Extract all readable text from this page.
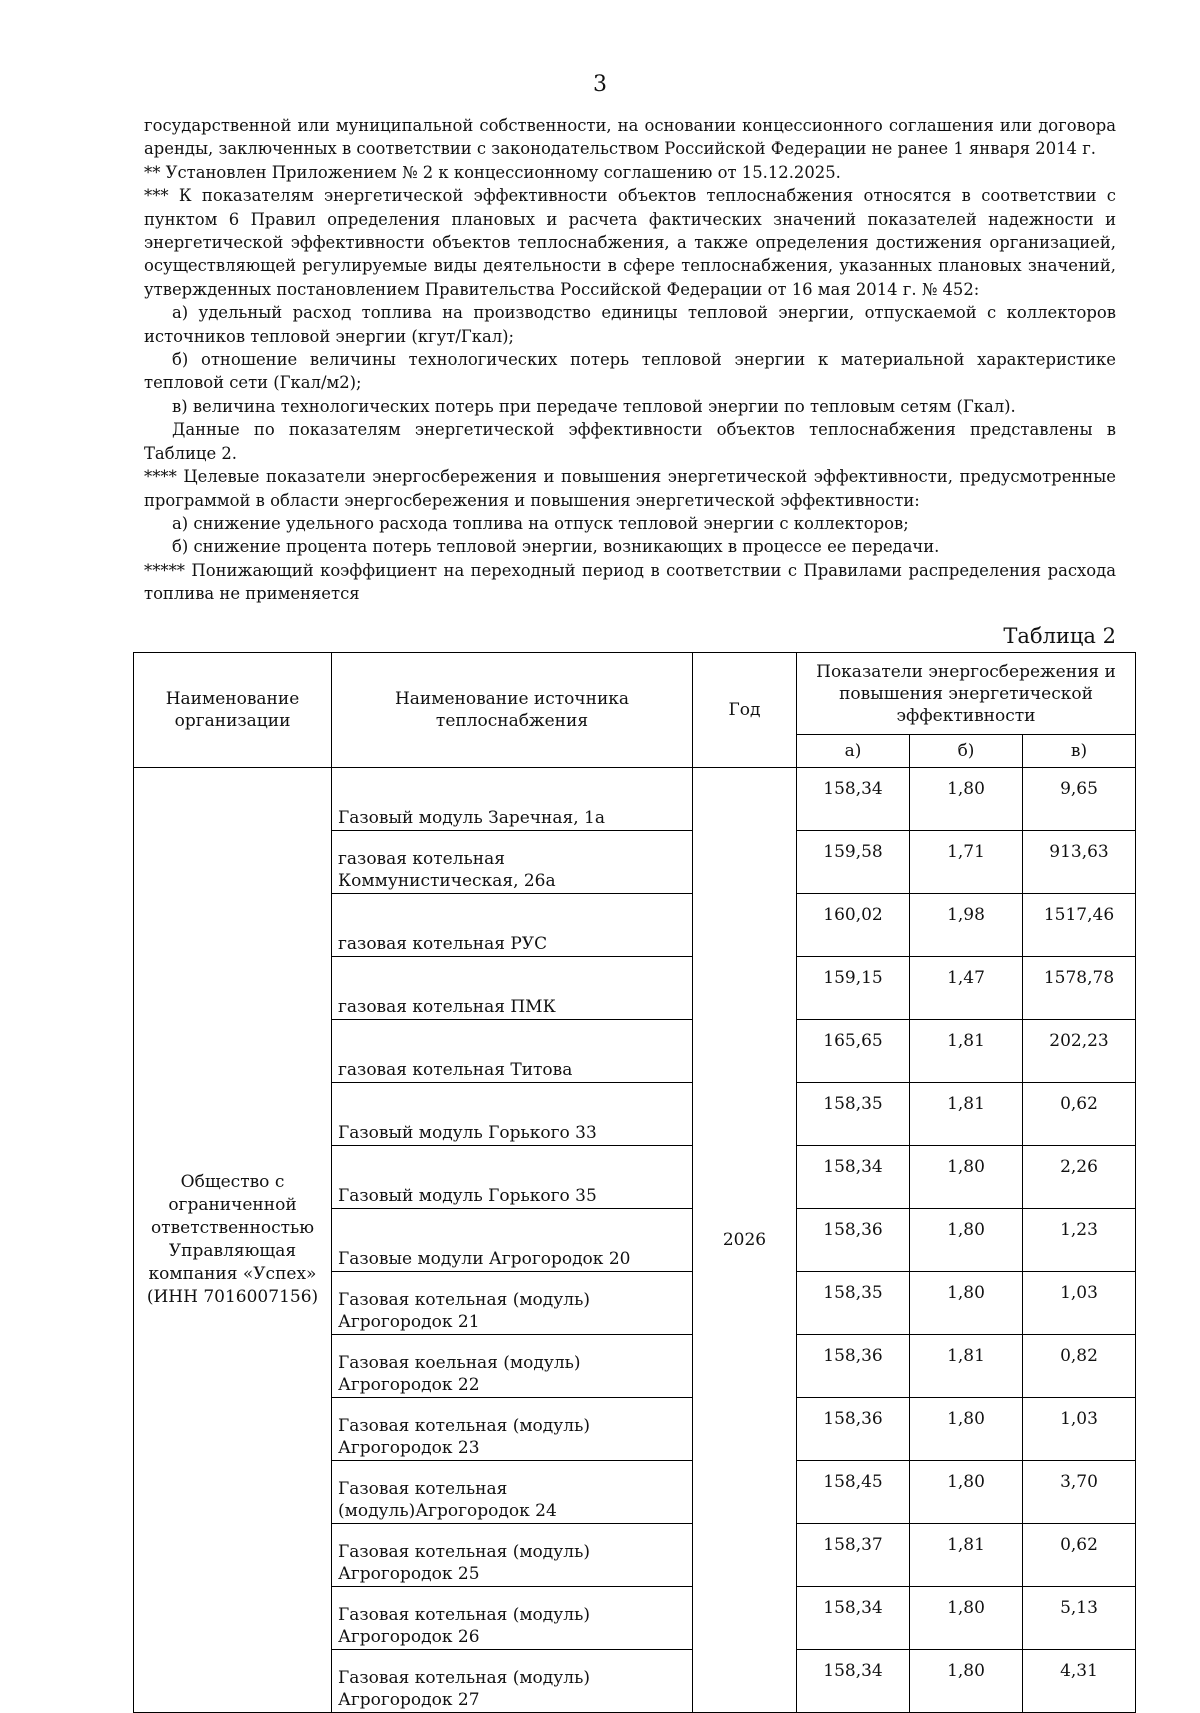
3

государственной или муниципальной собственности, на основании концессионного соглашения или договора аренды, заключенных в соответствии с законодательством Российской Федерации не ранее 1 января 2014 г.

** Установлен Приложением № 2 к концессионному соглашению от 15.12.2025.

*** К показателям энергетической эффективности объектов теплоснабжения относятся в соответствии с пунктом 6 Правил определения плановых и расчета фактических значений показателей надежности и энергетической эффективности объектов теплоснабжения, а также определения достижения организацией, осуществляющей регулируемые виды деятельности в сфере теплоснабжения, указанных плановых значений, утвержденных постановлением Правительства Российской Федерации от 16 мая 2014 г. № 452:

а) удельный расход топлива на производство единицы тепловой энергии, отпускаемой с коллекторов источников тепловой энергии (кгут/Гкал);

б) отношение величины технологических потерь тепловой энергии к материальной характеристике тепловой сети (Гкал/м2);

в) величина технологических потерь при передаче тепловой энергии по тепловым сетям (Гкал).

Данные по показателям энергетической эффективности объектов теплоснабжения представлены в Таблице 2.

**** Целевые показатели энергосбережения и повышения энергетической эффективности, предусмотренные программой в области энергосбережения и повышения энергетической эффективности:

а) снижение удельного расхода топлива на отпуск тепловой энергии с коллекторов;

б) снижение процента потерь тепловой энергии, возникающих в процессе ее передачи.

***** Понижающий коэффициент на переходный период в соответствии с Правилами распределения расхода топлива не применяется

Таблица 2
Наименование организации	Наименование источника теплоснабжения	Год	Показатели энергосбережения и повышения энергетической эффективности		
			а)	б)	в)
Общество с ограниченной ответственностью Управляющая компания «Успех» (ИНН 7016007156)	Газовый модуль Заречная, 1а	2026	158,34	1,80	9,65
	газовая котельная Коммунистическая, 26а		159,58	1,71	913,63
	газовая котельная РУС		160,02	1,98	1517,46
	газовая котельная ПМК		159,15	1,47	1578,78
	газовая котельная Титова		165,65	1,81	202,23
	Газовый модуль Горького 33		158,35	1,81	0,62
	Газовый модуль Горького 35		158,34	1,80	2,26
	Газовые модули Агрогородок 20		158,36	1,80	1,23
	Газовая котельная (модуль) Агрогородок 21		158,35	1,80	1,03
	Газовая коельная (модуль) Агрогородок 22		158,36	1,81	0,82
	Газовая котельная (модуль) Агрогородок 23		158,36	1,80	1,03
	Газовая котельная (модуль)Агрогородок 24		158,45	1,80	3,70
	Газовая котельная (модуль) Агрогородок 25		158,37	1,81	0,62
	Газовая котельная (модуль) Агрогородок 26		158,34	1,80	5,13
	Газовая котельная (модуль) Агрогородок 27		158,34	1,80	4,31
